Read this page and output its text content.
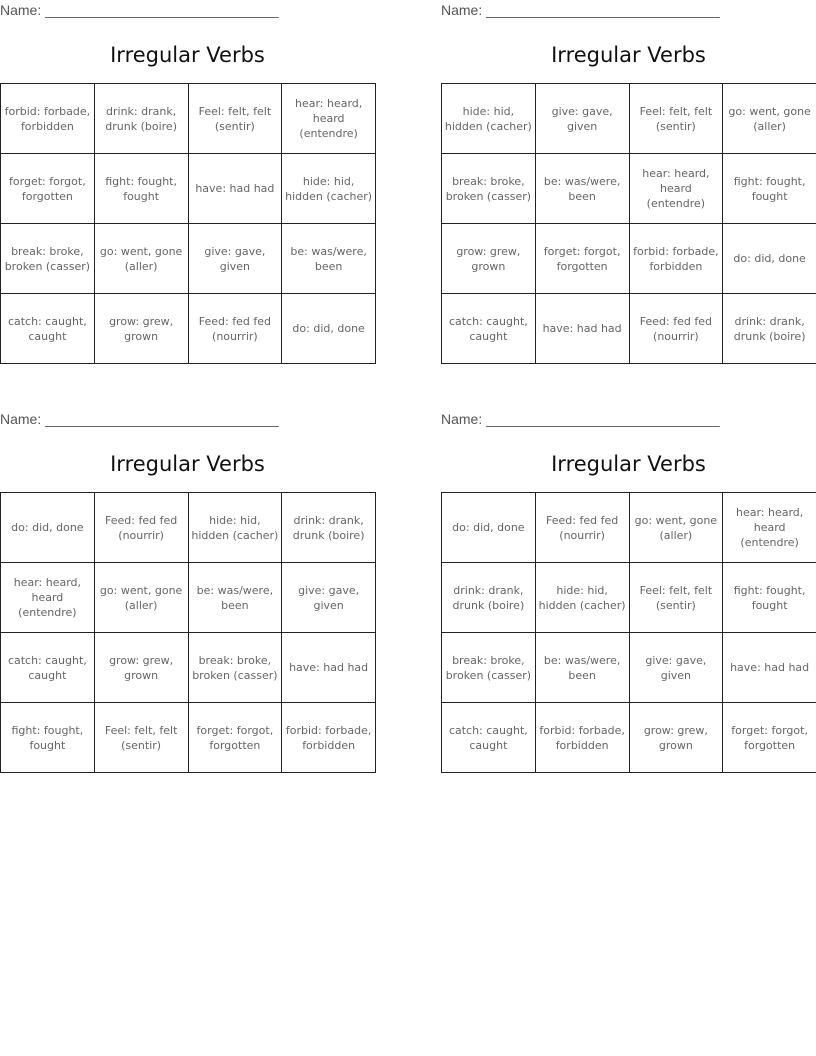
Name: ______________________________
Irregular Verbs
forbid: forbade, forbidden	drink: drank, drunk (boire)	Feel: felt, felt (sentir)	hear: heard, heard (entendre)
forget: forgot, forgotten	fight: fought, fought	have: had had	hide: hid, hidden (cacher)
break: broke, broken (casser)	go: went, gone (aller)	give: gave, given	be: was/were, been
catch: caught, caught	grow: grew, grown	Feed: fed fed (nourrir)	do: did, done
Name: ______________________________
Irregular Verbs
hide: hid, hidden (cacher)	give: gave, given	Feel: felt, felt (sentir)	go: went, gone (aller)
break: broke, broken (casser)	be: was/were, been	hear: heard, heard (entendre)	fight: fought, fought
grow: grew, grown	forget: forgot, forgotten	forbid: forbade, forbidden	do: did, done
catch: caught, caught	have: had had	Feed: fed fed (nourrir)	drink: drank, drunk (boire)
Name: ______________________________
Irregular Verbs
do: did, done	Feed: fed fed (nourrir)	hide: hid, hidden (cacher)	drink: drank, drunk (boire)
hear: heard, heard (entendre)	go: went, gone (aller)	be: was/were, been	give: gave, given
catch: caught, caught	grow: grew, grown	break: broke, broken (casser)	have: had had
fight: fought, fought	Feel: felt, felt (sentir)	forget: forgot, forgotten	forbid: forbade, forbidden
Name: ______________________________
Irregular Verbs
do: did, done	Feed: fed fed (nourrir)	go: went, gone (aller)	hear: heard, heard (entendre)
drink: drank, drunk (boire)	hide: hid, hidden (cacher)	Feel: felt, felt (sentir)	fight: fought, fought
break: broke, broken (casser)	be: was/were, been	give: gave, given	have: had had
catch: caught, caught	forbid: forbade, forbidden	grow: grew, grown	forget: forgot, forgotten
